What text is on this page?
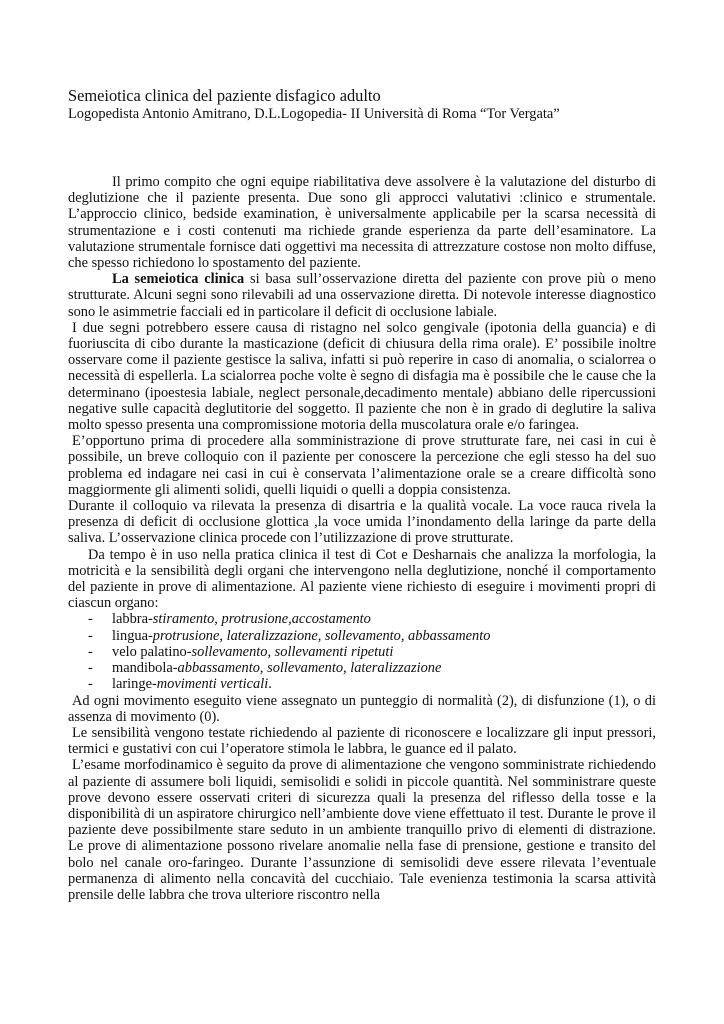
Semeiotica clinica del paziente disfagico adulto
Logopedista Antonio Amitrano, D.L.Logopedia- II Università di Roma “Tor Vergata”

Il primo compito che ogni equipe riabilitativa deve assolvere è la valutazione del disturbo di deglutizione che il paziente presenta. Due sono gli approcci valutativi :clinico e strumentale. L’approccio clinico, bedside examination, è universalmente applicabile per la scarsa necessità di strumentazione e i costi contenuti ma richiede grande esperienza da parte dell’esaminatore. La valutazione strumentale fornisce dati oggettivi ma necessita di attrezzature costose non molto diffuse, che spesso richiedono lo spostamento del paziente.

La semeiotica clinica si basa sull’osservazione diretta del paziente con prove più o meno strutturate. Alcuni segni sono rilevabili ad una osservazione diretta. Di notevole interesse diagnostico sono le asimmetrie facciali ed in particolare il deficit di occlusione labiale.

I due segni potrebbero essere causa di ristagno nel solco gengivale (ipotonia della guancia) e di fuoriuscita di cibo durante la masticazione (deficit di chiusura della rima orale). E’ possibile inoltre osservare come il paziente gestisce la saliva, infatti si può reperire in caso di anomalia, o scialorrea o necessità di espellerla. La scialorrea poche volte è segno di disfagia ma è possibile che le cause che la determinano (ipoestesia labiale, neglect personale,decadimento mentale) abbiano delle ripercussioni negative sulle capacità deglutitorie del soggetto. Il paziente che non è in grado di deglutire la saliva molto spesso presenta una compromissione motoria della muscolatura orale e/o faringea.

E’opportuno prima di procedere alla somministrazione di prove strutturate fare, nei casi in cui è possibile, un breve colloquio con il paziente per conoscere la percezione che egli stesso ha del suo problema ed indagare nei casi in cui è conservata l’alimentazione orale se a creare difficoltà sono maggiormente gli alimenti solidi, quelli liquidi o quelli a doppia consistenza.

Durante il colloquio va rilevata la presenza di disartria e la qualità vocale. La voce rauca rivela la presenza di deficit di occlusione glottica ,la voce umida l’inondamento della laringe da parte della saliva. L’osservazione clinica procede con l’utilizzazione di prove strutturate.

Da tempo è in uso nella pratica clinica il test di Cot e Desharnais che analizza la morfologia, la motricità e la sensibilità degli organi che intervengono nella deglutizione, nonché il comportamento del paziente in prove di alimentazione. Al paziente viene richiesto di eseguire i movimenti propri di ciascun organo:

- labbra-stiramento, protrusione,accostamento
- lingua-protrusione, lateralizzazione, sollevamento, abbassamento
- velo palatino-sollevamento, sollevamenti ripetuti
- mandibola-abbassamento, sollevamento, lateralizzazione
- laringe-movimenti verticali.

Ad ogni movimento eseguito viene assegnato un punteggio di normalità (2), di disfunzione (1), o di assenza di movimento (0).

Le sensibilità vengono testate richiedendo al paziente di riconoscere e localizzare gli input pressori, termici e gustativi con cui l’operatore stimola le labbra, le guance ed il palato.

L’esame morfodinamico è seguito da prove di alimentazione che vengono somministrate richiedendo al paziente di assumere boli liquidi, semisolidi e solidi in piccole quantità. Nel somministrare queste prove devono essere osservati criteri di sicurezza quali la presenza del riflesso della tosse e la disponibilità di un aspiratore chirurgico nell’ambiente dove viene effettuato il test. Durante le prove il paziente deve possibilmente stare seduto in un ambiente tranquillo privo di elementi di distrazione. Le prove di alimentazione possono rivelare anomalie nella fase di prensione, gestione e transito del bolo nel canale oro-faringeo. Durante l’assunzione di semisolidi deve essere rilevata l’eventuale permanenza di alimento nella concavità del cucchiaio. Tale evenienza testimonia la scarsa attività prensile delle labbra che trova ulteriore riscontro nella
